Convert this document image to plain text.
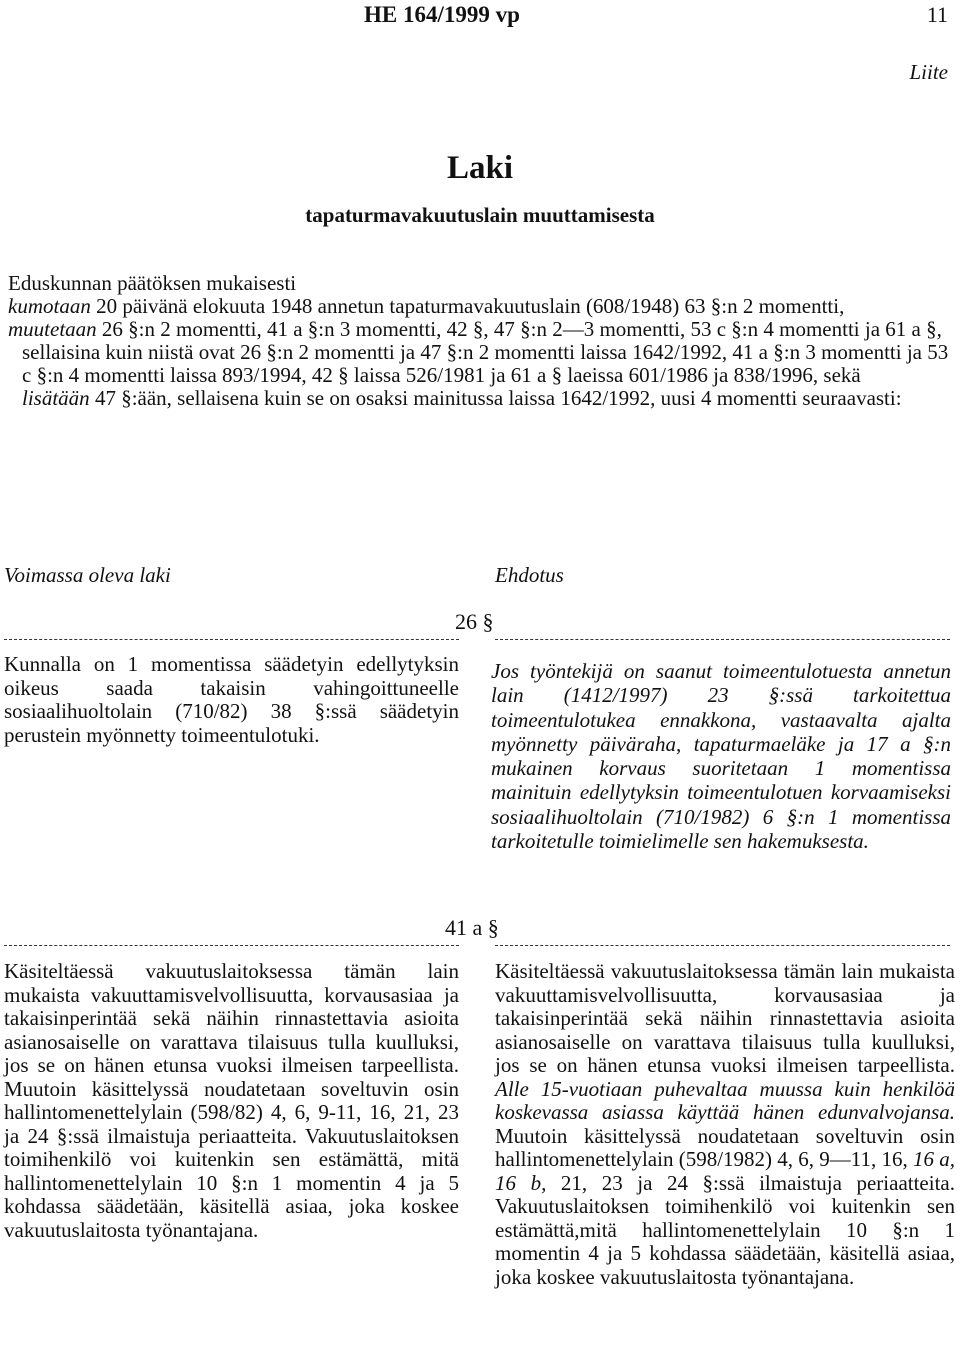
HE 164/1999 vp	11
Liite
Laki
tapaturmavakuutuslain muuttamisesta

Eduskunnan päätöksen mukaisesti

kumotaan 20 päivänä elokuuta 1948 annetun tapaturmavakuutuslain (608/1948) 63 §:n 2 momentti,

muutetaan 26 §:n 2 momentti, 41 a §:n 3 momentti, 42 §, 47 §:n 2—3 momentti, 53 c §:n 4 momentti ja 61 a §,

sellaisina kuin niistä ovat 26 §:n 2 momentti ja 47 §:n 2 momentti laissa 1642/1992, 41 a §:n 3 momentti ja 53 c §:n 4 momentti laissa 893/1994, 42 § laissa 526/1981 ja 61 a § laeissa 601/1986 ja 838/1996, sekä

lisätään 47 §:ään, sellaisena kuin se on osaksi mainitussa laissa 1642/1992, uusi 4 momentti seuraavasti:

Voimassa oleva laki	Ehdotus
26 §

Kunnalla on 1 momentissa säädetyin edellytyksin oikeus saada takaisin vahingoittuneelle sosiaalihuoltolain (710/82) 38 §:ssä säädetyin perustein myönnetty toimeentulotuki.

Jos työntekijä on saanut toimeentulotuesta annetun lain (1412/1997) 23 §:ssä tarkoitettua toimeentulotukea ennakkona, vastaavalta ajalta myönnetty päiväraha, tapaturmaeläke ja 17 a §:n mukainen korvaus suoritetaan 1 momentissa mainituin edellytyksin toimeentulotuen korvaamiseksi sosiaalihuoltolain (710/1982) 6 §:n 1 momentissa tarkoitetulle toimielimelle sen hakemuksesta.

41 a §

Käsiteltäessä vakuutuslaitoksessa tämän lain mukaista vakuuttamisvelvollisuutta, korvausasiaa ja takaisinperintää sekä näihin rinnastettavia asioita asianosaiselle on varattava tilaisuus tulla kuulluksi, jos se on hänen etunsa vuoksi ilmeisen tarpeellista. Muutoin käsittelyssä noudatetaan soveltuvin osin hallintomenettelylain (598/82) 4, 6, 9-11, 16, 21, 23 ja 24 §:ssä ilmaistuja periaatteita. Vakuutuslaitoksen toimihenkilö voi kuitenkin sen estämättä, mitä hallintomenettelylain 10 §:n 1 momentin 4 ja 5 kohdassa säädetään, käsitellä asiaa, joka koskee vakuutuslaitosta työnantajana.

Käsiteltäessä vakuutuslaitoksessa tämän lain mukaista vakuuttamisvelvollisuutta, korvausasiaa ja takaisinperintää sekä näihin rinnastettavia asioita asianosaiselle on varattava tilaisuus tulla kuulluksi, jos se on hänen etunsa vuoksi ilmeisen tarpeellista. Alle 15-vuotiaan puhevaltaa muussa kuin henkilöä koskevassa asiassa käyttää hänen edunvalvojansa. Muutoin käsittelyssä noudatetaan soveltuvin osin hallintomenettelylain (598/1982) 4, 6, 9—11, 16, 16 a, 16 b, 21, 23 ja 24 §:ssä ilmaistuja periaatteita. Vakuutuslaitoksen toimihenkilö voi kuitenkin sen estämättä,mitä hallintomenettelylain 10 §:n 1 momentin 4 ja 5 kohdassa säädetään, käsitellä asiaa, joka koskee vakuutuslaitosta työnantajana.
